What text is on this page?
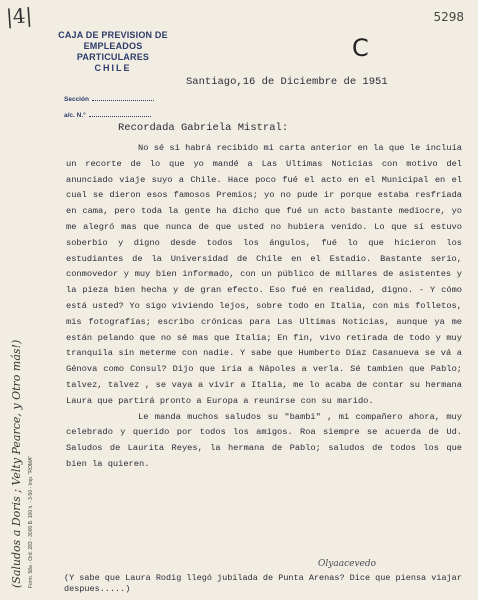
|4|
CAJA DE PREVISION DE EMPLEADOS
PARTICULARES
CHILE
Sección
a/c. N.°
5298
C
Santiago,16 de Diciembre de 1951
Recordada Gabriela Mistral:

No sé si habrá recibido mi carta anterior en la que le incluía un recorte de lo que yo mandé a Las Ultimas Noticias con motivo del anunciado viaje suyo a Chile. Hace poco fué el acto en el Municipal en el cual se dieron esos famosos Premios; yo no pude ir porque estaba resfriada en cama, pero toda la gente ha dicho que fué un acto bastante mediocre, yo me alegró mas que nunca de que usted no hubiera venido. Lo que sí estuvo soberbio y digno desde todos los ángulos, fué lo que hicieron los estudiantes de la Universidad de Chile en el Estadio. Bastante serio, conmovedor y muy bien informado, con un público de millares de asistentes y la pieza bien hecha y de gran efecto. Eso fué en realidad, digno. - Y cómo está usted? Yo sigo viviendo lejos, sobre todo en Italia, con mis folletos, mis fotografías; escribo crónicas para Las Ultimas Noticias, aunque ya me están pelando que no sé mas que Italia; En fin, vivo retirada de todo y muy tranquila sin meterme con nadie. Y sabe que Humberto Díaz Casanueva se vá a Génova como Consul? Dijo que iría a Nápoles a verla. Sé tambien que Pablo; talvez, talvez , se vaya a vivir a Italia, me lo acaba de contar su hermana Laura que partirá pronto a Europa a reunirse con su marido.
Le manda muchos saludos su "bambi" , mi compañero ahora, muy celebrado y querido por todos los amigos. Roa siempre se acuerda de Ud. Saludos de Laurita Reyes, la hermana de Pablo; saludos de todos los que bien la quieren.

Olyaacevedo

(Y sabe que Laura Rodig llegó jubilada de Punta Arenas? Dice que piensa viajar despues.....)

(Saludos a Doris ; Velty Pearce, y Otro más!) Form. 58a - Ord. 283 - 3000 B. 100 h. - 3-50 - Imp. "ROMA"
